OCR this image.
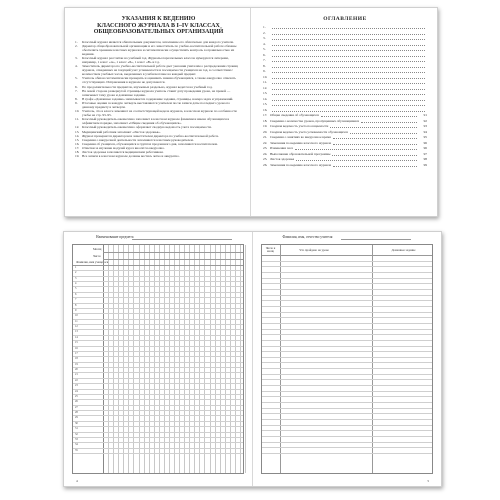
УКАЗАНИЯ К ВЕДЕНИЮ
КЛАССНОГО ЖУРНАЛА В I–IV КЛАССАХ
ОБЩЕОБРАЗОВАТЕЛЬНЫХ ОРГАНИЗАЦИЙ
1.	Классный журнал является обязательным документом, заполнение его обязательно для каждого учителя.
2.	Директор общеобразовательной организации и его заместитель по учебно-воспитательной работе обязаны обеспечить хранение классных журналов и систематически осуществлять контроль за правильностью их ведения.
3.	Классный журнал рассчитан на учебный год. Журналы параллельных классов нумеруются литерами, например, 1 класс «А», 1 класс «Б», 1 класс «В» и т.д.
4.	Заместитель директора по учебно-воспитательной работе дает указания учителям о распределении страниц журнала, отведенных на текущий учет успеваемости и посещаемости учащихся на год, в соответствии с количеством учебных часов, выделенных в учебном плане на каждый предмет.
5.	Учитель обязан систематически проверять и оценивать знания обучающихся, а также ежеурочно отмечать отсутствующих. Исправления в журнале не допускаются.
6.	По продолжительности предметов, изучаемых раздельно, журнал ведется на учебный год.
7.	На левой стороне развернутой страницы журнала учитель ставит дату проведения урока, на правой — записывает тему урока и домашнее задание.
8.	В графе «Домашнее задание» записывается содержание задания, страницы, номера задач и упражнений.
9.	Итоговые оценки за каждую четверть выставляются учителем после записи даты последнего урока по данному предмету в четверти.
10. Учитель, что в классе заменяют на соответствующей неделе журнала, в классном журнале по особенности учебы на стр. 93–95.
11. Классный руководитель ежемесячно заполняет в классном журнале фамилии и имена обучающихся в алфавитном порядке, заполняет «Общие сведения об обучающихся».
12. Классный руководитель ежемесячно оформляет сводную ведомость учета посещаемости.
13. Медицинский работник заполняет «Листок здоровья».
14. Журнал проверяется директором и заместителем директора по учебно-воспитательной работе.
15. Сведения о внеурочной деятельности заполняются классным руководителем.
16. Сведения об учащихся, обучающихся в группах продленного дня, заполняются воспитателем.
17. Отметки за изучение модулей курса вносятся ежеурочно.
18. Листок здоровья заполняется медицинским работником.
19. Все записи в классном журнале должны вестись четко и аккуратно.
ОГЛАВЛЕНИЕ
1.
2.
3.
4.
5.
6.
7.
8.
9.
10.
11.
12.
13.
14.
15.
16.
17. Общие сведения об обучающихся	91
18. Сведения о количестве уроков, пропущенных обучающимися	92
19. Сводная ведомость учета посещаемости	93
20. Сводная ведомость учета успеваемости обучающихся	94
21. Сведения о занятиях во внеурочное время	95
22. Замечания по ведению классного журнала	96
23. Изменения часа	96
24. Выполнение образовательной программы	97
25. Листок здоровья	98
26. Замечания по ведению классного журнала	99
Наименование предмета
Месяц
Число
Фамилия, имя учащегося
1
2
3
4
5
6
7
8
9
10
11
12
13
14
15
16
17
18
19
20
21
22
23
24
25
26
27
28
29
30
31
32
33
34
35
4
Фамилия, имя, отчество учителя
Число и месяц	Что пройдено на уроке	Домашнее задание
5
